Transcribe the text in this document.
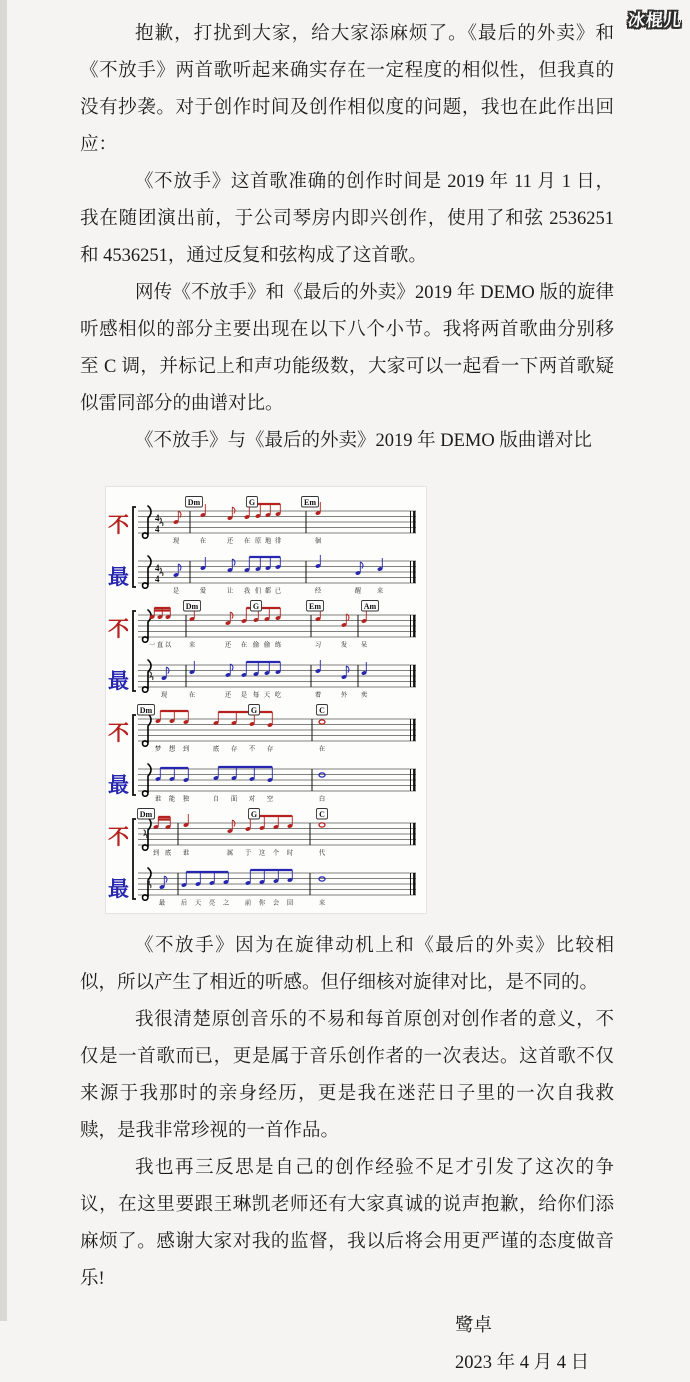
冰棍儿

抱歉，打扰到大家，给大家添麻烦了。《最后的外卖》和《不放手》两首歌听起来确实存在一定程度的相似性，但我真的没有抄袭。对于创作时间及创作相似度的问题，我也在此作出回应：

《不放手》这首歌准确的创作时间是 2019 年 11 月 1 日，我在随团演出前，于公司琴房内即兴创作，使用了和弦 2536251 和 4536251，通过反复和弦构成了这首歌。

网传《不放手》和《最后的外卖》2019 年 DEMO 版的旋律听感相似的部分主要出现在以下八个小节。我将两首歌曲分别移至 C 调，并标记上和声功能级数，大家可以一起看一下两首歌疑似雷同部分的曲谱对比。

《不放手》与《最后的外卖》2019 年 DEMO 版曲谱对比

不
最
4
4
现	在	还 在 原 地 徘	徊
4
4
是	爱	让 我 们 都 已	经	醒 来
Dm	G	Em
不
最
一 直 以	来	还 在 偷 偷 练	习	发 呆
现	在	还 是 每 天 吃	着	外 卖
Dm	G	Em	Am
不
最
梦 想 到	底 存 不 存	在
谁 能 独	自 面 对 空	白
Dm	G	C
不
最
到 底 谁	属 于 这 个 时	代
最 后 天 亮 之 前 你 会 回	来
Dm	G	C

《不放手》因为在旋律动机上和《最后的外卖》比较相似，所以产生了相近的听感。但仔细核对旋律对比，是不同的。

我很清楚原创音乐的不易和每首原创对创作者的意义，不仅是一首歌而已，更是属于音乐创作者的一次表达。这首歌不仅来源于我那时的亲身经历，更是我在迷茫日子里的一次自我救赎，是我非常珍视的一首作品。

我也再三反思是自己的创作经验不足才引发了这次的争议，在这里要跟王琳凯老师还有大家真诚的说声抱歉，给你们添麻烦了。感谢大家对我的监督，我以后将会用更严谨的态度做音乐!

鹭卓
2023 年 4 月 4 日
